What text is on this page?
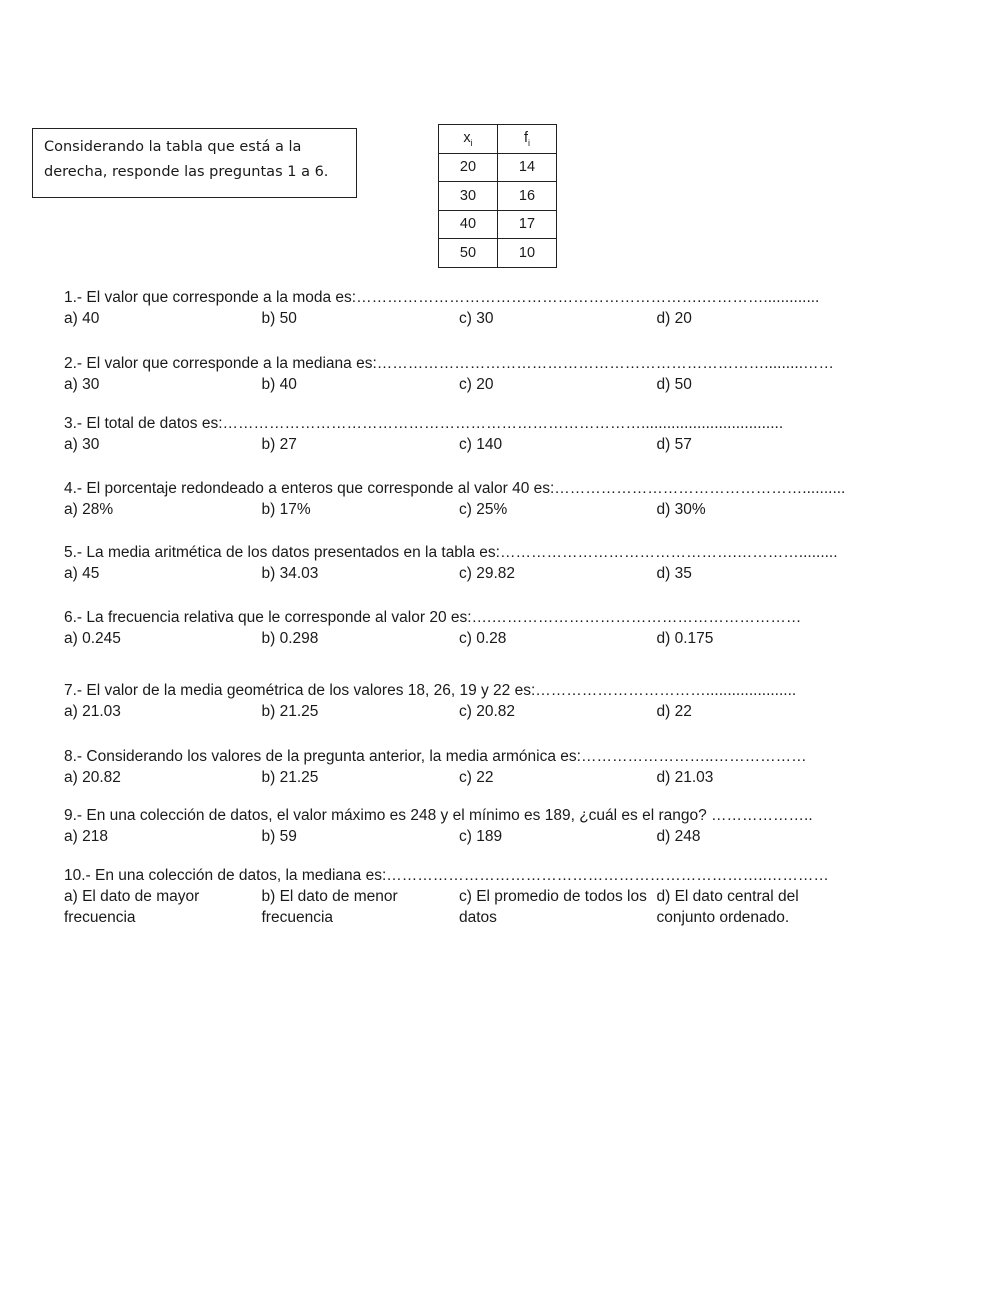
Considerando la tabla que está a la
derecha, responde las preguntas 1 a 6.
$x_i$	$f_i$
20	14
30	16
40	17
50	10
1.- El valor que corresponde a la moda es:………………………………………………………….………….............
a) 40	b) 50	c) 30	d) 20
2.- El valor que corresponde a la mediana es:………………………………………………………………….........……
a) 30	b) 40	c) 20	d) 50
3.- El total de datos es:……………………………………………………………………….................................
a) 30	b) 27	c) 140	d) 57
4.- El porcentaje redondeado a enteros que corresponde al valor 40 es:…………………………………………..........
a) 28%	b) 17%	c) 25%	d) 30%
5.- La media aritmética de los datos presentados en la tabla es:……………………………………….………….........
a) 45	b) 34.03	c) 29.82	d) 35
6.- La frecuencia relativa que le corresponde al valor 20 es:….……………………………………………………
a) 0.245	b) 0.298	c) 0.28	d) 0.175
7.- El valor de la media geométrica de los valores 18, 26, 19 y 22 es:…………………………….....................
a) 21.03	b) 21.25	c) 20.82	d) 22
8.- Considerando los valores de la pregunta anterior, la media armónica es:……………………..………………
a) 20.82	b) 21.25	c) 22	d) 21.03
9.- En una colección de datos, el valor máximo es 248 y el mínimo es 189, ¿cuál es el rango? ………………..
a) 218	b) 59	c) 189	d) 248
10.- En una colección de datos, la mediana es:………………………………………………………………..…………
a) El dato de mayor frecuencia
b) El dato de menor frecuencia
c) El promedio de todos los datos
d) El dato central del conjunto ordenado.
